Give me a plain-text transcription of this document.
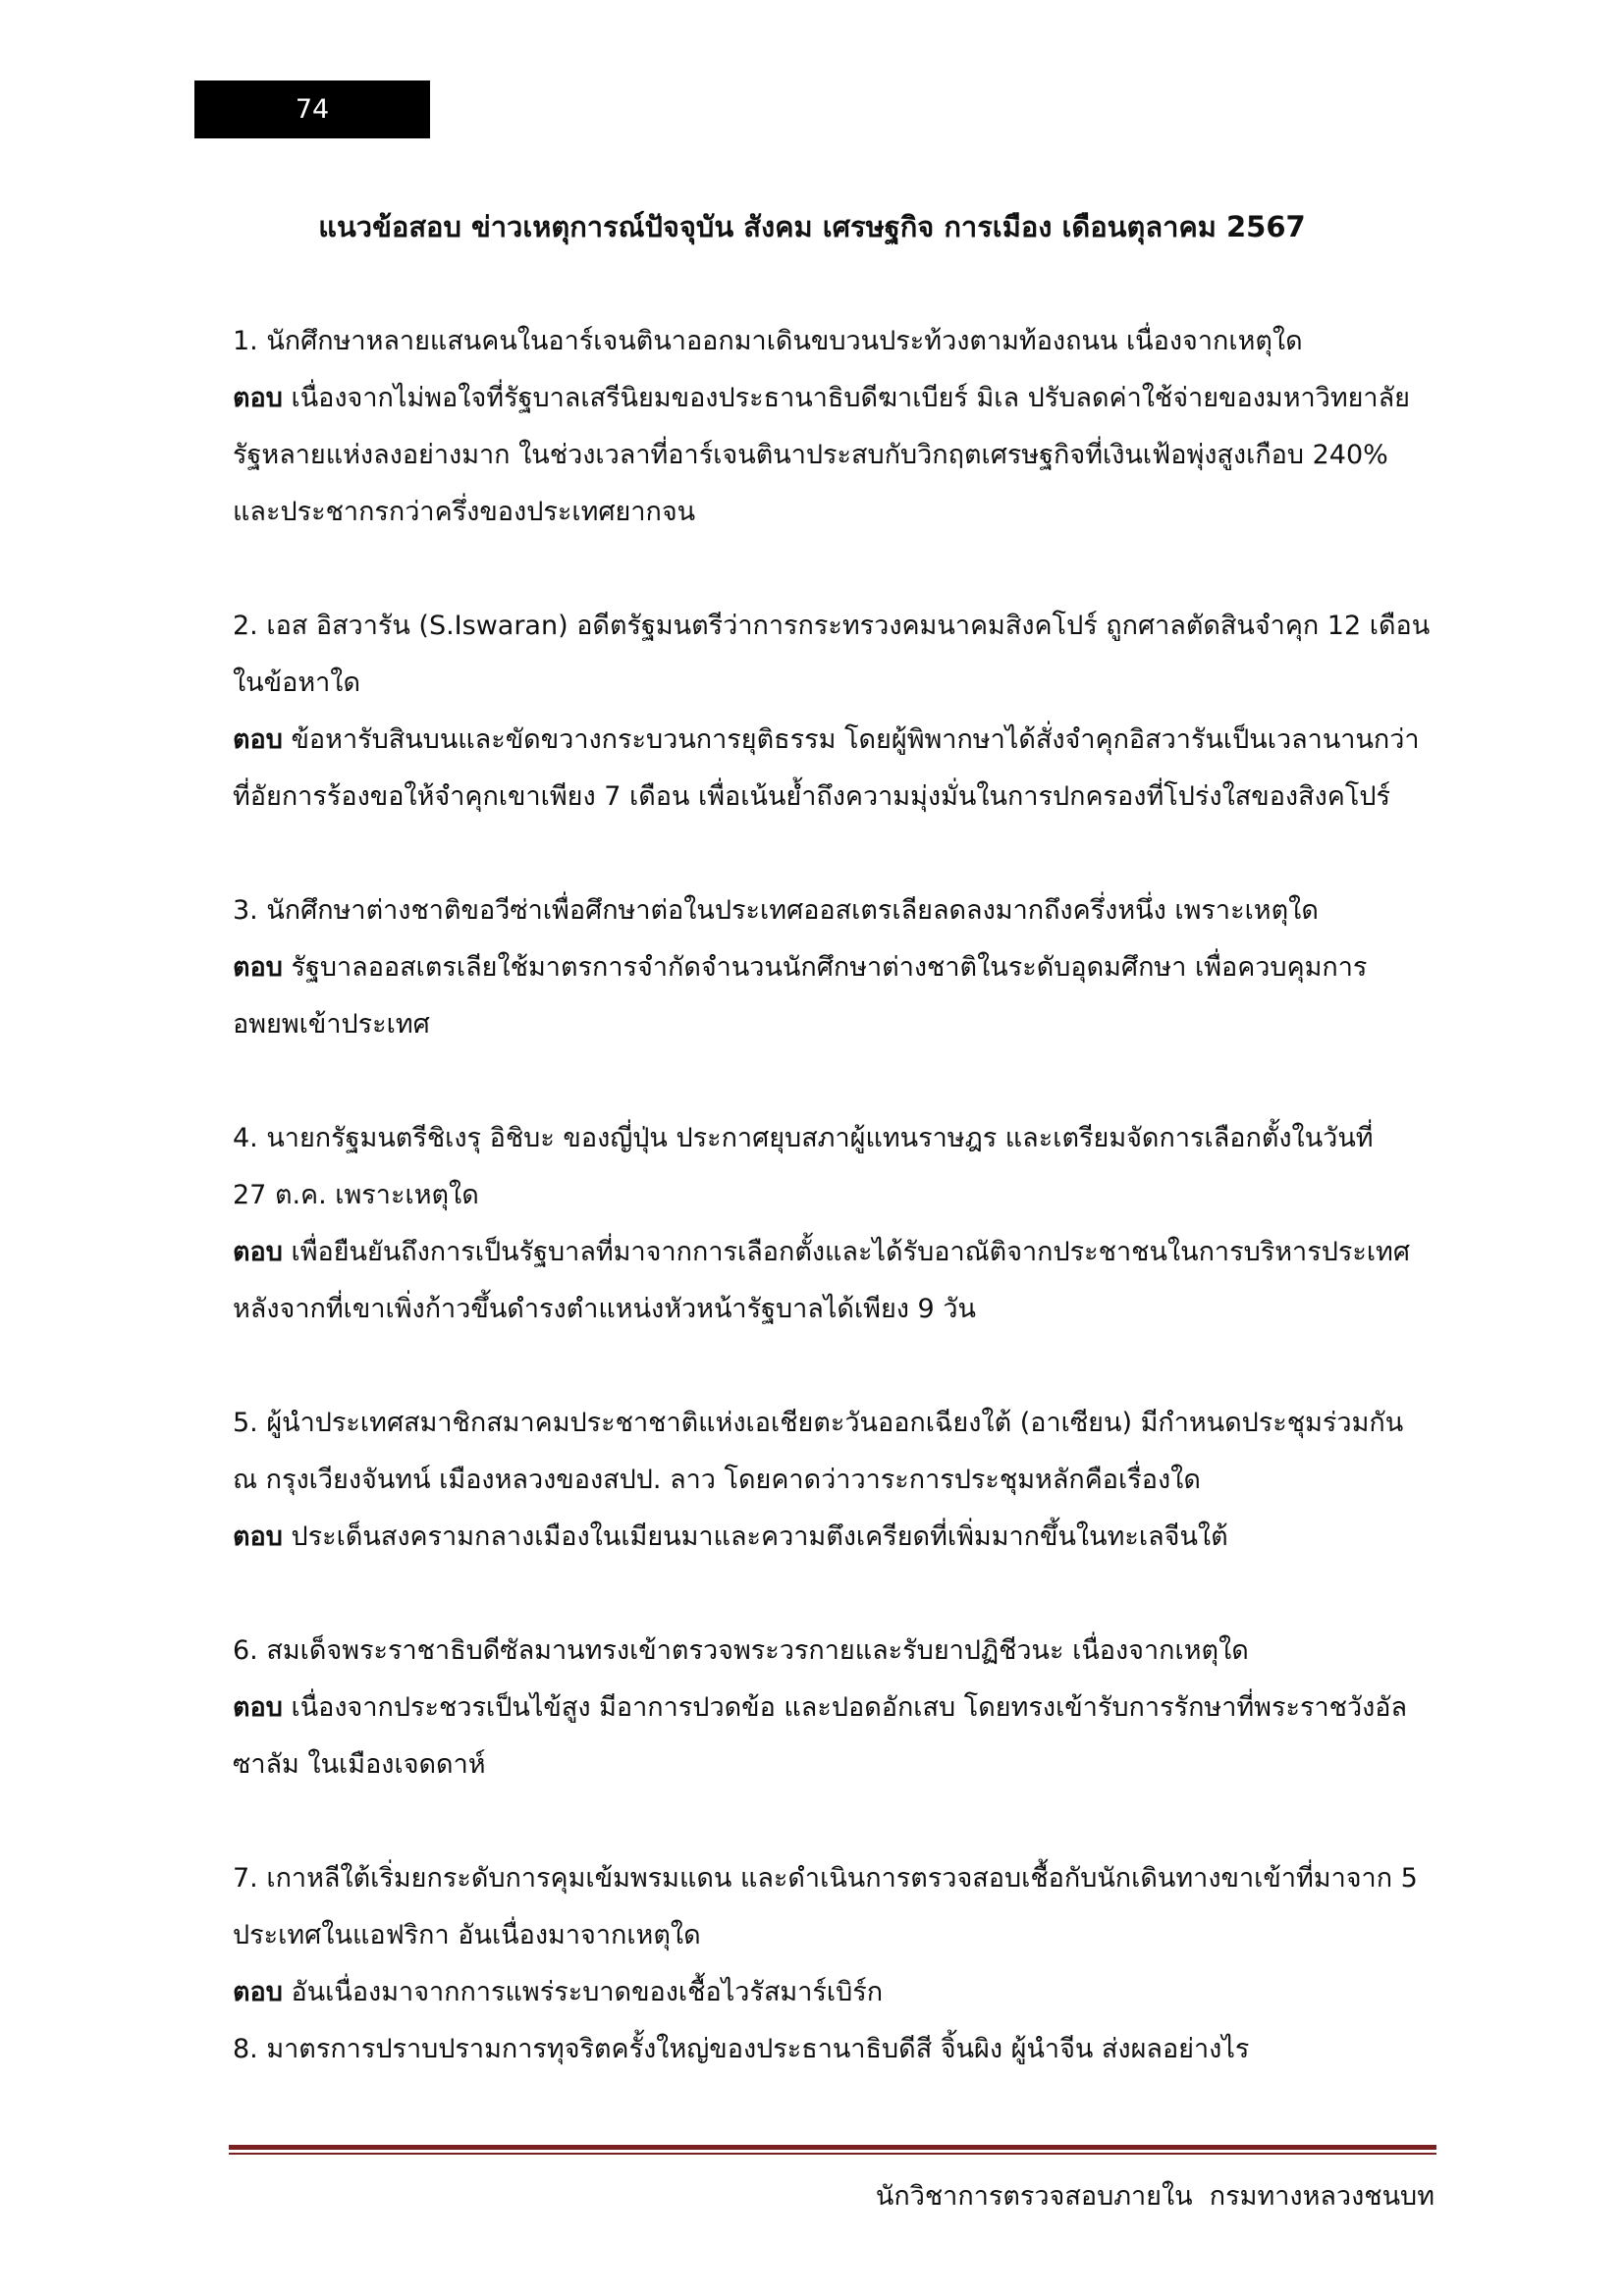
74
แนวข้อสอบ ข่าวเหตุการณ์ปัจจุบัน สังคม เศรษฐกิจ การเมือง เดือนตุลาคม 2567
1. นักศึกษาหลายแสนคนในอาร์เจนตินาออกมาเดินขบวนประท้วงตามท้องถนน เนื่องจากเหตุใด
ตอบ เนื่องจากไม่พอใจที่รัฐบาลเสรีนิยมของประธานาธิบดีฆาเบียร์ มิเล ปรับลดค่าใช้จ่ายของมหาวิทยาลัย
รัฐหลายแห่งลงอย่างมาก ในช่วงเวลาที่อาร์เจนตินาประสบกับวิกฤตเศรษฐกิจที่เงินเฟ้อพุ่งสูงเกือบ 240%
และประชากรกว่าครึ่งของประเทศยากจน
2. เอส อิสวารัน (S.Iswaran) อดีตรัฐมนตรีว่าการกระทรวงคมนาคมสิงคโปร์ ถูกศาลตัดสินจำคุก 12 เดือน
ในข้อหาใด
ตอบ ข้อหารับสินบนและขัดขวางกระบวนการยุติธรรม โดยผู้พิพากษาได้สั่งจำคุกอิสวารันเป็นเวลานานกว่า
ที่อัยการร้องขอให้จำคุกเขาเพียง 7 เดือน เพื่อเน้นย้ำถึงความมุ่งมั่นในการปกครองที่โปร่งใสของสิงคโปร์
3. นักศึกษาต่างชาติขอวีซ่าเพื่อศึกษาต่อในประเทศออสเตรเลียลดลงมากถึงครึ่งหนึ่ง เพราะเหตุใด
ตอบ รัฐบาลออสเตรเลียใช้มาตรการจำกัดจำนวนนักศึกษาต่างชาติในระดับอุดมศึกษา เพื่อควบคุมการ
อพยพเข้าประเทศ
4. นายกรัฐมนตรีชิเงรุ อิชิบะ ของญี่ปุ่น ประกาศยุบสภาผู้แทนราษฎร และเตรียมจัดการเลือกตั้งในวันที่
27 ต.ค. เพราะเหตุใด
ตอบ เพื่อยืนยันถึงการเป็นรัฐบาลที่มาจากการเลือกตั้งและได้รับอาณัติจากประชาชนในการบริหารประเทศ
หลังจากที่เขาเพิ่งก้าวขึ้นดำรงตำแหน่งหัวหน้ารัฐบาลได้เพียง 9 วัน
5. ผู้นำประเทศสมาชิกสมาคมประชาชาติแห่งเอเชียตะวันออกเฉียงใต้ (อาเซียน) มีกำหนดประชุมร่วมกัน
ณ กรุงเวียงจันทน์ เมืองหลวงของสปป. ลาว โดยคาดว่าวาระการประชุมหลักคือเรื่องใด
ตอบ ประเด็นสงครามกลางเมืองในเมียนมาและความตึงเครียดที่เพิ่มมากขึ้นในทะเลจีนใต้
6. สมเด็จพระราชาธิบดีซัลมานทรงเข้าตรวจพระวรกายและรับยาปฏิชีวนะ เนื่องจากเหตุใด
ตอบ เนื่องจากประชวรเป็นไข้สูง มีอาการปวดข้อ และปอดอักเสบ โดยทรงเข้ารับการรักษาที่พระราชวังอัล
ซาลัม ในเมืองเจดดาห์
7. เกาหลีใต้เริ่มยกระดับการคุมเข้มพรมแดน และดำเนินการตรวจสอบเชื้อกับนักเดินทางขาเข้าที่มาจาก 5
ประเทศในแอฟริกา อันเนื่องมาจากเหตุใด
ตอบ อันเนื่องมาจากการแพร่ระบาดของเชื้อไวรัสมาร์เบิร์ก
8. มาตรการปราบปรามการทุจริตครั้งใหญ่ของประธานาธิบดีสี จิ้นผิง ผู้นำจีน ส่งผลอย่างไร
นักวิชาการตรวจสอบภายใน  กรมทางหลวงชนบท
